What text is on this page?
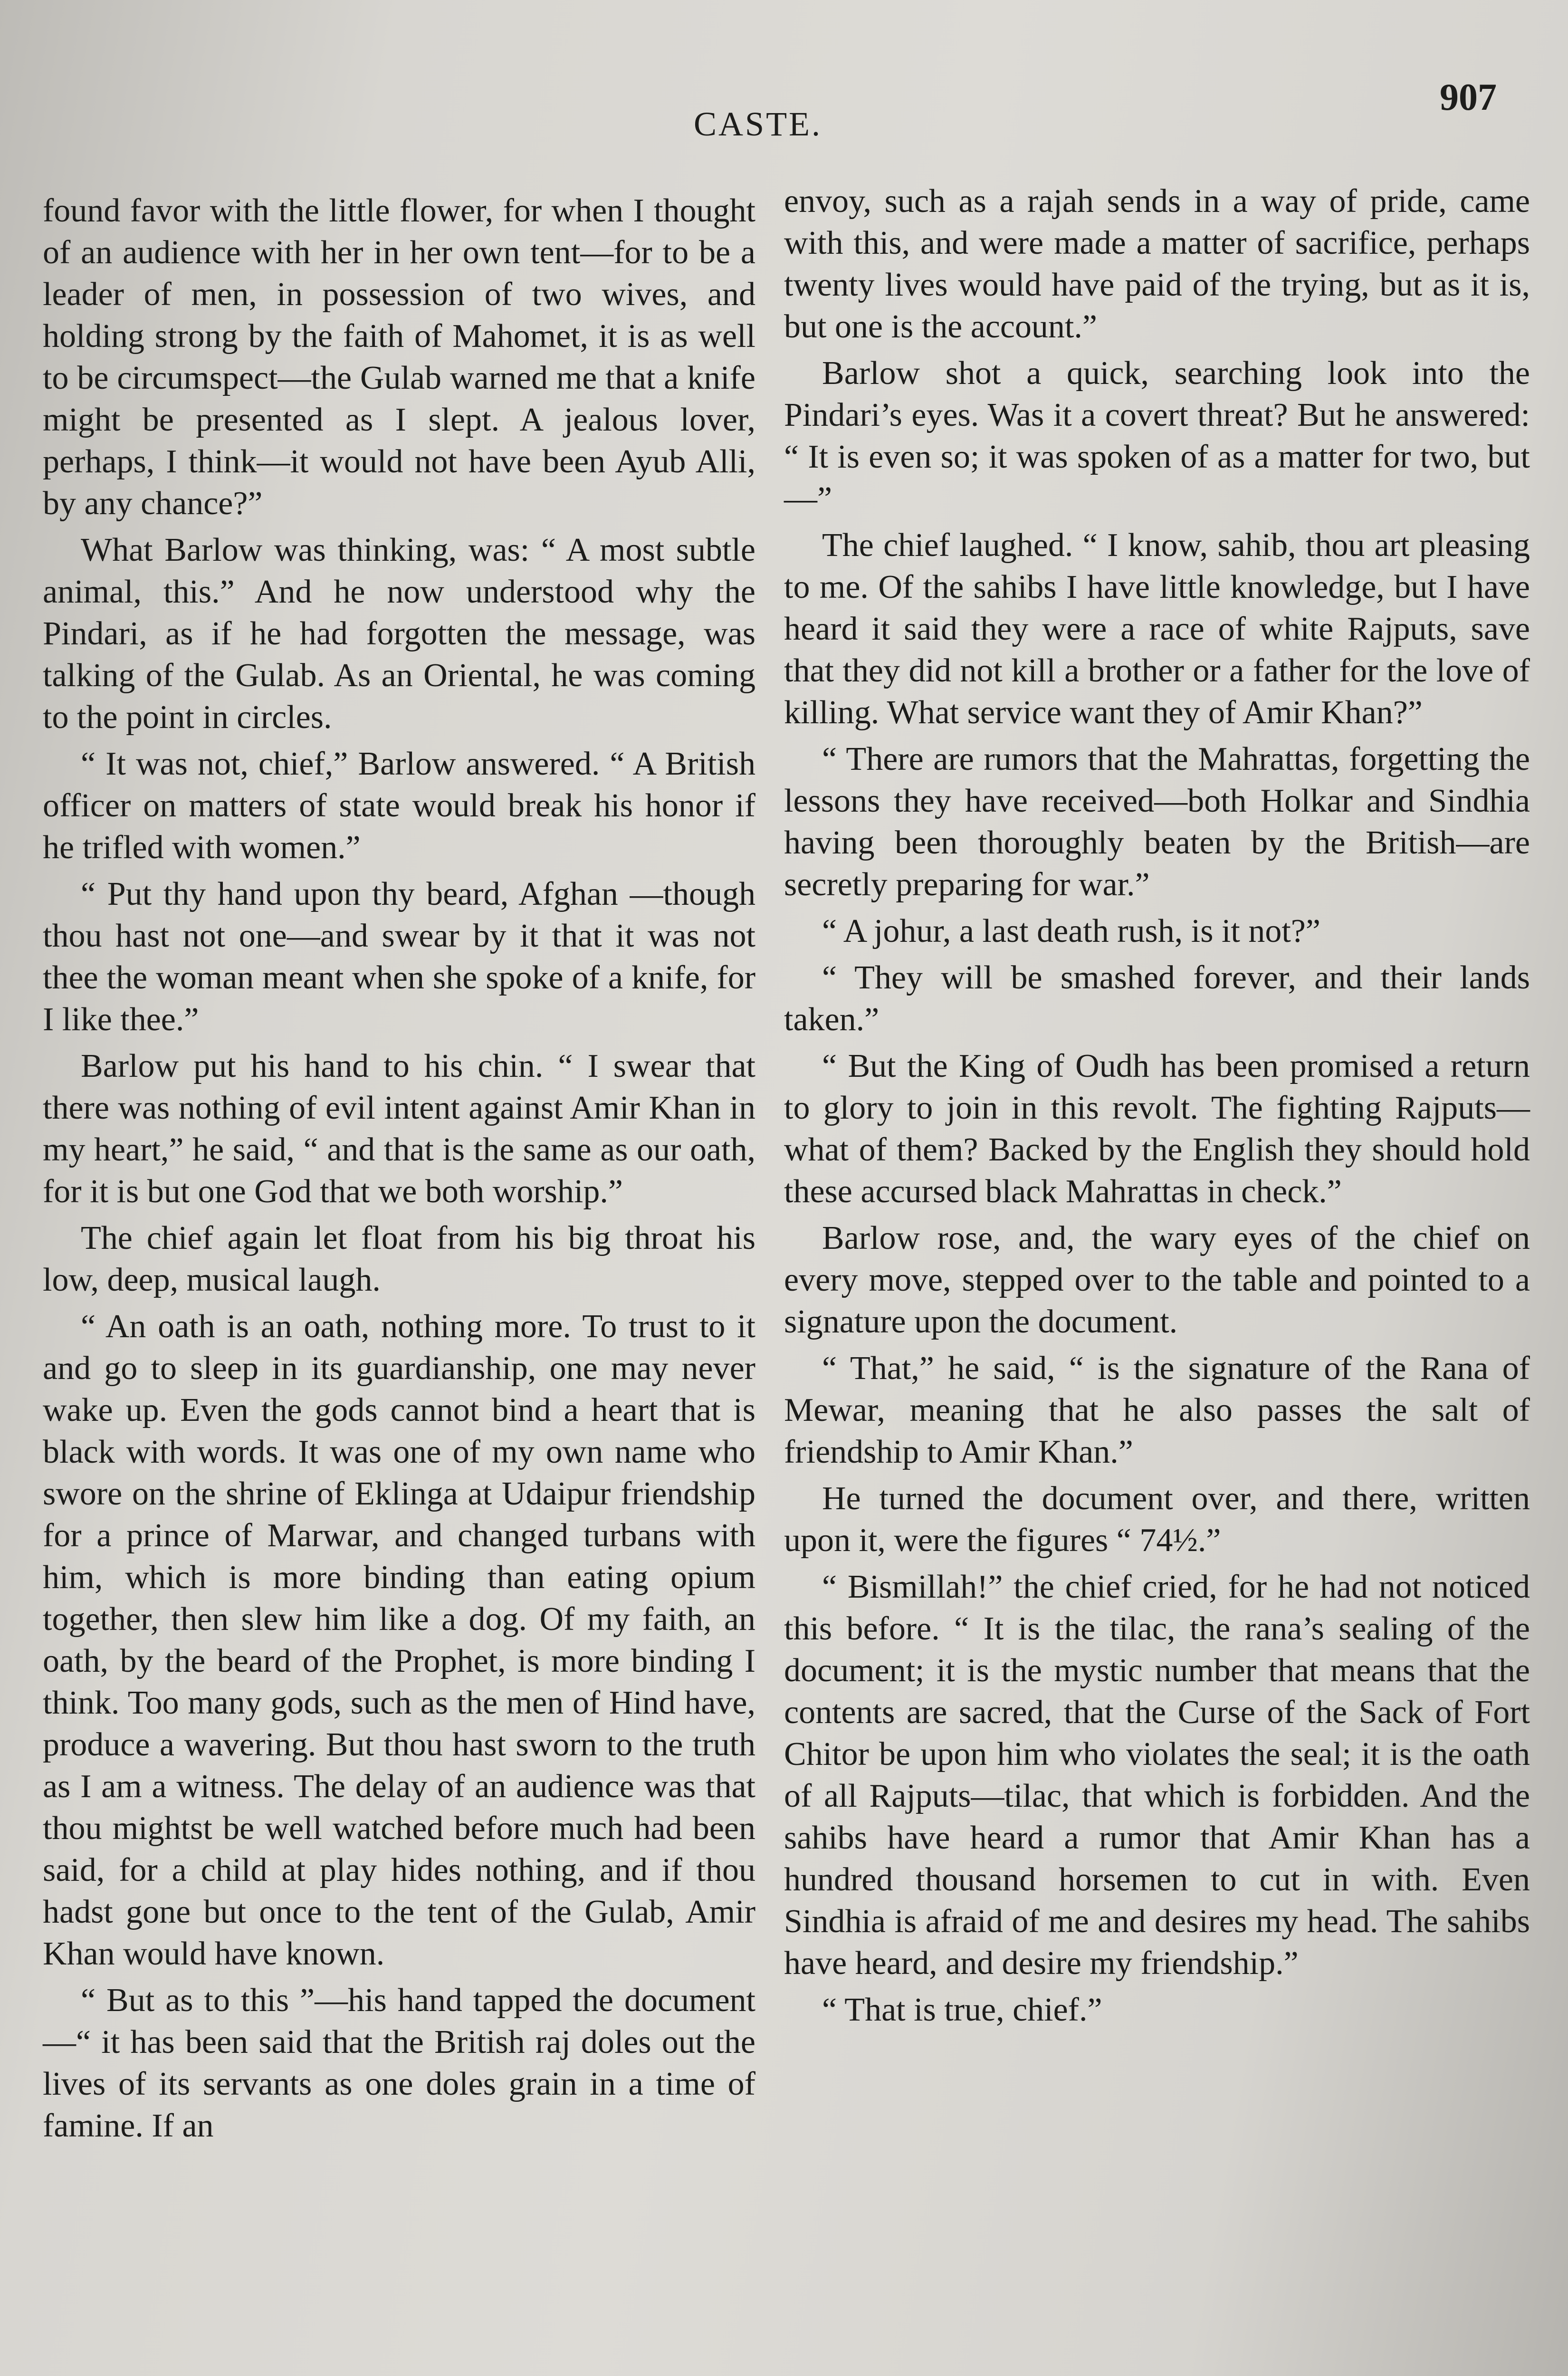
CASTE.
907

found favor with the little flower, for when I thought of an audience with her in her own tent—for to be a leader of men, in possession of two wives, and holding strong by the faith of Mahomet, it is as well to be circumspect—the Gulab warned me that a knife might be presented as I slept. A jealous lover, perhaps, I think—it would not have been Ayub Alli, by any chance?”

What Barlow was thinking, was: “ A most subtle animal, this.” And he now understood why the Pindari, as if he had forgotten the message, was talking of the Gulab. As an Oriental, he was coming to the point in circles.

“ It was not, chief,” Barlow answered. “ A British officer on matters of state would break his honor if he trifled with women.”

“ Put thy hand upon thy beard, Afghan —though thou hast not one—and swear by it that it was not thee the woman meant when she spoke of a knife, for I like thee.”

Barlow put his hand to his chin. “ I swear that there was nothing of evil intent against Amir Khan in my heart,” he said, “ and that is the same as our oath, for it is but one God that we both worship.”

The chief again let float from his big throat his low, deep, musical laugh.

“ An oath is an oath, nothing more. To trust to it and go to sleep in its guardianship, one may never wake up. Even the gods cannot bind a heart that is black with words. It was one of my own name who swore on the shrine of Eklinga at Udaipur friendship for a prince of Marwar, and changed turbans with him, which is more binding than eating opium together, then slew him like a dog. Of my faith, an oath, by the beard of the Prophet, is more binding I think. Too many gods, such as the men of Hind have, produce a wavering. But thou hast sworn to the truth as I am a witness. The delay of an audience was that thou mightst be well watched before much had been said, for a child at play hides nothing, and if thou hadst gone but once to the tent of the Gulab, Amir Khan would have known.

“ But as to this ”—his hand tapped the document—“ it has been said that the British raj doles out the lives of its servants as one doles grain in a time of famine. If an

envoy, such as a rajah sends in a way of pride, came with this, and were made a matter of sacrifice, perhaps twenty lives would have paid of the trying, but as it is, but one is the account.”

Barlow shot a quick, searching look into the Pindari’s eyes. Was it a covert threat? But he answered: “ It is even so; it was spoken of as a matter for two, but—”

The chief laughed. “ I know, sahib, thou art pleasing to me. Of the sahibs I have little knowledge, but I have heard it said they were a race of white Rajputs, save that they did not kill a brother or a father for the love of killing. What service want they of Amir Khan?”

“ There are rumors that the Mahrattas, forgetting the lessons they have received—both Holkar and Sindhia having been thoroughly beaten by the British—are secretly preparing for war.”

“ A johur, a last death rush, is it not?”

“ They will be smashed forever, and their lands taken.”

“ But the King of Oudh has been promised a return to glory to join in this revolt. The fighting Rajputs—what of them? Backed by the English they should hold these accursed black Mahrattas in check.”

Barlow rose, and, the wary eyes of the chief on every move, stepped over to the table and pointed to a signature upon the document.

“ That,” he said, “ is the signature of the Rana of Mewar, meaning that he also passes the salt of friendship to Amir Khan.”

He turned the document over, and there, written upon it, were the figures “ 74½.”

“ Bismillah!” the chief cried, for he had not noticed this before. “ It is the tilac, the rana’s sealing of the document; it is the mystic number that means that the contents are sacred, that the Curse of the Sack of Fort Chitor be upon him who violates the seal; it is the oath of all Rajputs—tilac, that which is forbidden. And the sahibs have heard a rumor that Amir Khan has a hundred thousand horsemen to cut in with. Even Sindhia is afraid of me and desires my head. The sahibs have heard, and desire my friendship.”

“ That is true, chief.”
